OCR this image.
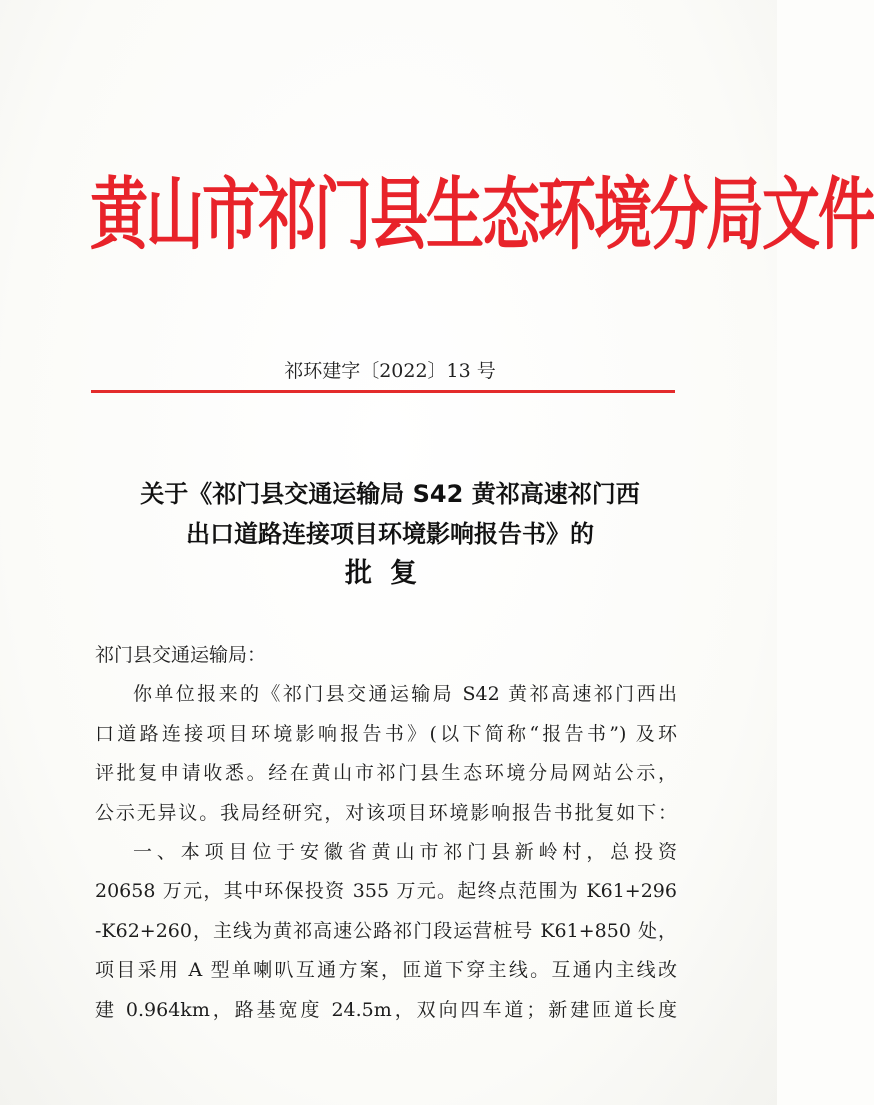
黄山市祁门县生态环境分局文件
祁环建字〔2022〕13 号
关于《祁门县交通运输局 S42 黄祁高速祁门西
出口道路连接项目环境影响报告书》的
批复
祁门县交通运输局：
你单位报来的《祁门县交通运输局 S42 黄祁高速祁门西出
口道路连接项目环境影响报告书》(以下简称“报告书”) 及环
评批复申请收悉。经在黄山市祁门县生态环境分局网站公示，
公示无异议。我局经研究，对该项目环境影响报告书批复如下：
一、本项目位于安徽省黄山市祁门县新岭村，总投资
20658 万元，其中环保投资 355 万元。起终点范围为 K61+296
-K62+260，主线为黄祁高速公路祁门段运营桩号 K61+850 处，
项目采用 A 型单喇叭互通方案，匝道下穿主线。互通内主线改
建 0.964km，路基宽度 24.5m，双向四车道；新建匝道长度
